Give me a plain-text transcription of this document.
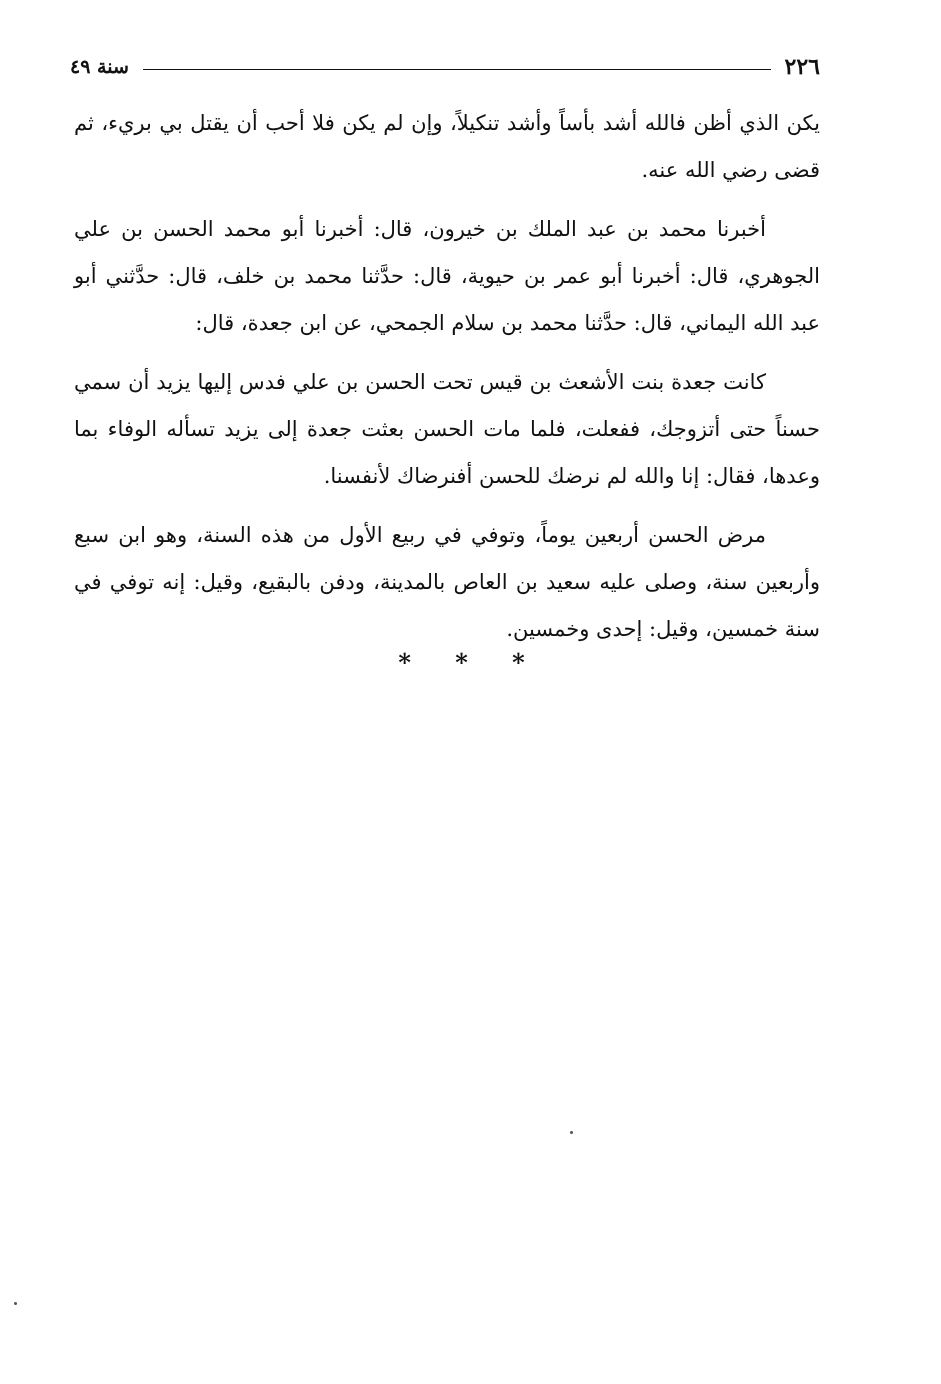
سنة ٤٩	٢٢٦

يكن الذي أظن فالله أشد بأساً وأشد تنكيلاً، وإن لم يكن فلا أحب أن يقتل بي بريء، ثم قضى رضي الله عنه.

أخبرنا محمد بن عبد الملك بن خيرون، قال: أخبرنا أبو محمد الحسن بن علي الجوهري، قال: أخبرنا أبو عمر بن حيوية، قال: حدَّثنا محمد بن خلف، قال: حدَّثني أبو عبد الله اليماني، قال: حدَّثنا محمد بن سلام الجمحي، عن ابن جعدة، قال:

كانت جعدة بنت الأشعث بن قيس تحت الحسن بن علي فدس إليها يزيد أن سمي حسناً حتى أتزوجك، ففعلت، فلما مات الحسن بعثت جعدة إلى يزيد تسأله الوفاء بما وعدها، فقال: إنا والله لم نرضك للحسن أفنرضاك لأنفسنا.

مرض الحسن أربعين يوماً، وتوفي في ربيع الأول من هذه السنة، وهو ابن سبع وأربعين سنة، وصلى عليه سعيد بن العاص بالمدينة، ودفن بالبقيع، وقيل: إنه توفي في سنة خمسين، وقيل: إحدى وخمسين.

* * *
